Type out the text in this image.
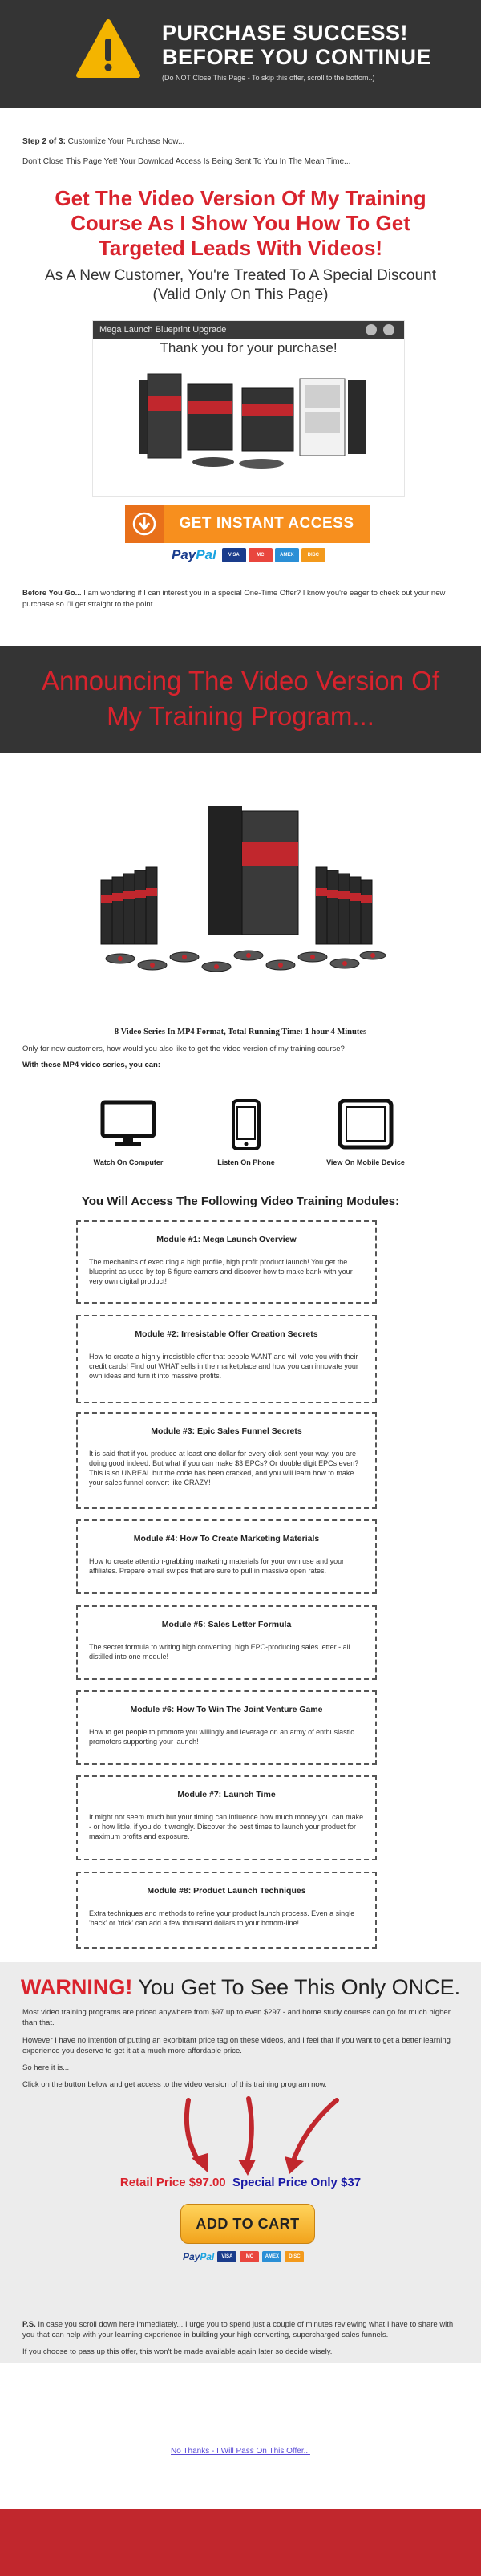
PURCHASE SUCCESS!
BEFORE YOU CONTINUE
(Do NOT Close This Page - To skip this offer, scroll to the bottom..)
Step 2 of 3: Customize Your Purchase Now...
Don't Close This Page Yet! Your Download Access Is Being Sent To You In The Mean Time...
Get The Video Version Of My Training Course As I Show You How To Get Targeted Leads With Videos!
As A New Customer, You're Treated To A Special Discount (Valid Only On This Page)
Mega Launch Blueprint Upgrade
Thank you for your purchase!
GET INSTANT ACCESS
PayPal	VISA	MC	AMEX	DISC
Before You Go... I am wondering if I can interest you in a special One-Time Offer? I know you're eager to check out your new purchase so I'll get straight to the point...
Announcing The Video Version Of My Training Program...
8 Video Series In MP4 Format, Total Running Time: 1 hour 4 Minutes
Only for new customers, how would you also like to get the video version of my training course?
With these MP4 video series, you can:
Watch On Computer	Listen On Phone	View On Mobile Device
You Will Access The Following Video Training Modules:
Module #1: Mega Launch Overview

The mechanics of executing a high profile, high profit product launch! You get the blueprint as used by top 6 figure earners and discover how to make bank with your very own digital product!

Module #2: Irresistable Offer Creation Secrets

How to create a highly irresistible offer that people WANT and will vote you with their credit cards! Find out WHAT sells in the marketplace and how you can innovate your own ideas and turn it into massive profits.

Module #3: Epic Sales Funnel Secrets

It is said that if you produce at least one dollar for every click sent your way, you are doing good indeed. But what if you can make $3 EPCs? Or double digit EPCs even? This is so UNREAL but the code has been cracked, and you will learn how to make your sales funnel convert like CRAZY!

Module #4: How To Create Marketing Materials

How to create attention-grabbing marketing materials for your own use and your affiliates. Prepare email swipes that are sure to pull in massive open rates.

Module #5: Sales Letter Formula

The secret formula to writing high converting, high EPC-producing sales letter - all distilled into one module!

Module #6: How To Win The Joint Venture Game

How to get people to promote you willingly and leverage on an army of enthusiastic promoters supporting your launch!

Module #7: Launch Time

It might not seem much but your timing can influence how much money you can make - or how little, if you do it wrongly. Discover the best times to launch your product for maximum profits and exposure.

Module #8: Product Launch Techniques

Extra techniques and methods to refine your product launch process. Even a single 'hack' or 'trick' can add a few thousand dollars to your bottom-line!

WARNING! You Get To See This Only ONCE.
Most video training programs are priced anywhere from $97 up to even $297 - and home study courses can go for much higher than that.
However I have no intention of putting an exorbitant price tag on these videos, and I feel that if you want to get a better learning experience you deserve to get it at a much more affordable price.
So here it is...
Click on the button below and get access to the video version of this training program now.
Retail Price $97.00 Special Price Only $37
ADD TO CART
PayPal	VISA	MC	AMEX	DISC
P.S. In case you scroll down here immediately... I urge you to spend just a couple of minutes reviewing what I have to share with you that can help with your learning experience in building your high converting, supercharged sales funnels.
If you choose to pass up this offer, this won't be made available again later so decide wisely.
No Thanks - I Will Pass On This Offer...
